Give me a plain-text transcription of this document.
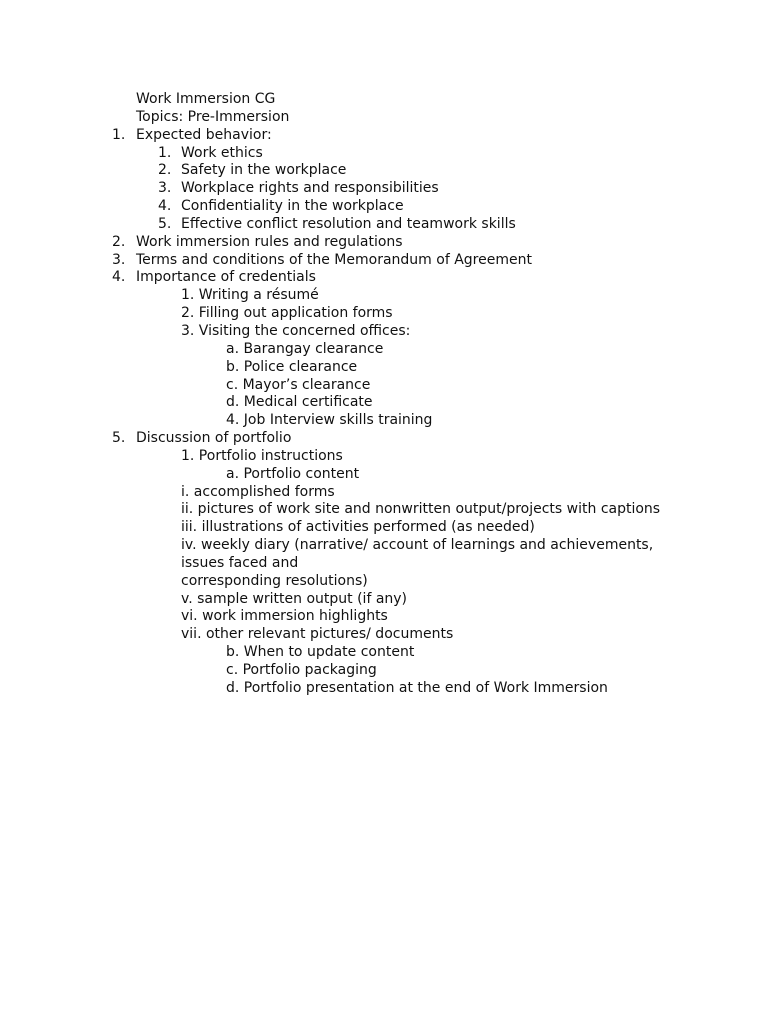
Work Immersion CG
Topics: Pre-Immersion
1. Expected behavior:
1. Work ethics
2. Safety in the workplace
3. Workplace rights and responsibilities
4. Confidentiality in the workplace
5. Effective conflict resolution and teamwork skills
2. Work immersion rules and regulations
3. Terms and conditions of the Memorandum of Agreement
4. Importance of credentials
1. Writing a résumé
2. Filling out application forms
3. Visiting the concerned offices:
a. Barangay clearance
b. Police clearance
c. Mayor’s clearance
d. Medical certificate
4. Job Interview skills training
5. Discussion of portfolio
1. Portfolio instructions
a. Portfolio content
i. accomplished forms
ii. pictures of work site and nonwritten output/projects with captions
iii. illustrations of activities performed (as needed)
iv. weekly diary (narrative/ account of learnings and achievements,
issues faced and
corresponding resolutions)
v. sample written output (if any)
vi. work immersion highlights
vii. other relevant pictures/ documents
b. When to update content
c. Portfolio packaging
d. Portfolio presentation at the end of Work Immersion
